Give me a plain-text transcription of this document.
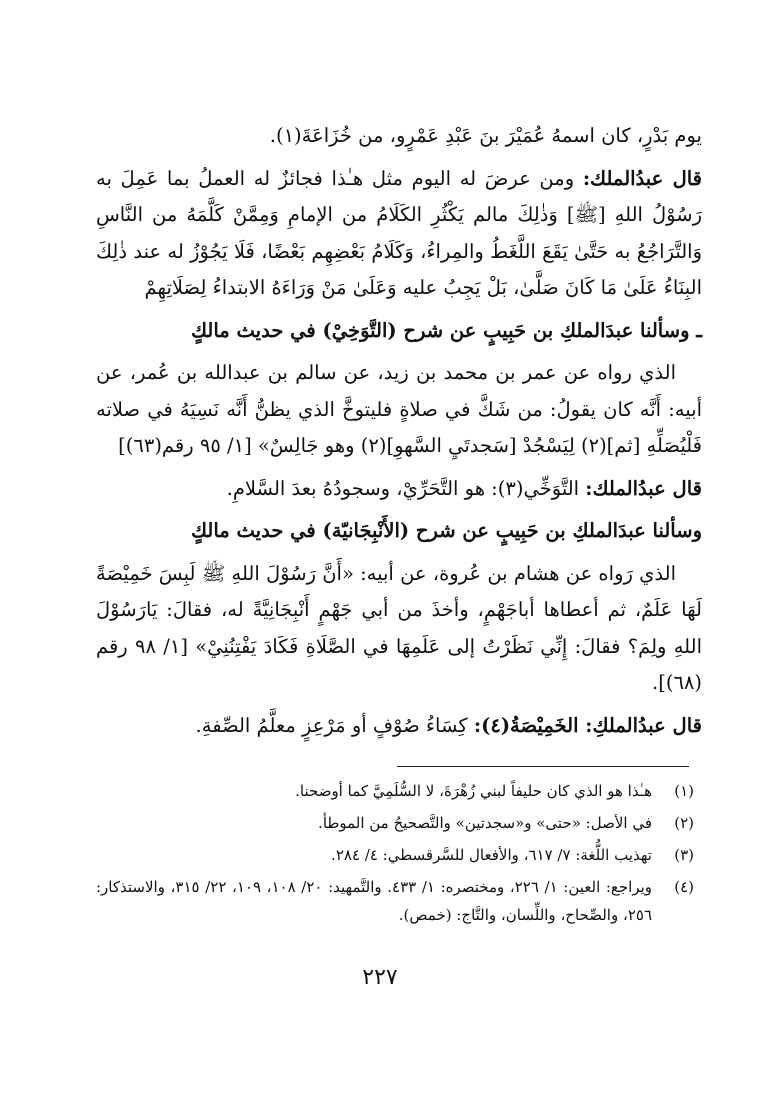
يوم بَدْرٍ، كان اسمهُ عُمَيْرَ بنَ عَبْدِ عَمْرٍو، من خُزَاعَةَ(١).

قال عبدُالملك: ومن عرضَ له اليوم مثل هـٰذا فجائزٌ له العملُ بما عَمِلَ به رَسُوْلُ اللهِ [ﷺ] وَذٰلِكَ مالم يَكْثُرِ الكَلَامُ من الإمامِ وَمِمَّنْ كَلَّمَهُ من النَّاسِ وَالتَّرَاجُعُ به حَتَّىٰ يَقَعَ اللَّغَطُ والمِراءُ، وَكَلَامُ بَعْضِهِم بَعْضًا، فَلَا يَجُوْزُ له عند ذٰلِكَ البِنَاءُ عَلَىٰ مَا كَانَ صَلَّىٰ، بَلْ يَجِبُ عليه وَعَلَىٰ مَنْ وَرَاءَهُ الابتداءُ لِصَلَاتِهِمْ

ـ وسألنا عبدَالملكِ بن حَبِيبٍ عن شرح (التَّوَخِيْ) في حديث مالكٍ

الذي رواه عن عمر بن محمد بن زيد، عن سالم بن عبدالله بن عُمر، عن أبيه: أَنَّه كان يقولُ: من شَكَّ في صلاةٍ فليتوخَّ الذي يظنُّ أَنَّه نَسِيَهُ في صلاته فَلْيُصَلِّهِ [ثم](٢) لِيَسْجُدْ [سَجدتَيِ السَّهوِ](٢) وهو جَالِسٌ» [١/ ٩٥ رقم(٦٣)]

قال عبدُالملك: التَّوَخِّي(٣): هو التَّحَرِّيْ، وسجودُهُ بعدَ السَّلامِ.

وسألنا عبدَالملكِ بن حَبِيبٍ عن شرح (الأَنْبِجَانيّة) في حديث مالكٍ

الذي رَواه عن هشام بن عُروة، عن أبيه: «أَنَّ رَسُوْلَ اللهِ ﷺ لَبِسَ خَمِيْصَةً لَهَا عَلَمٌ، ثم أعطاها أباجَهْمٍ، وأخذَ من أبي جَهْمٍ أَنْبِجَانِيَّةً له، فقالَ: يَارَسُوْلَ اللهِ ولِمَ؟ فقالَ: إِنِّي نَظَرْتُ إلى عَلَمِهَا في الصَّلَاةِ فَكَادَ يَفْتِنُنِيْ» [١/ ٩٨ رقم (٦٨)].

قال عبدُالملكِ: الخَمِيْصَةُ(٤): كِسَاءُ صُوْفٍ أو مَرْعِزٍ معلَّمُ الصِّفةِ.

(١)
هـٰذا هو الذي كان حليفاً لبني زُهْرَةَ، لا السُّلَمِيَّ كما أوضحنا.
(٢)
في الأصل: «حتى» و«سجدتين» والتَّصحيحُ من الموطأ.
(٣)
تهذيب اللُّغة: ٧/ ٦١٧، والأفعال للسَّرقسطي: ٤/ ٢٨٤.
(٤)
ويراجع: العين: ١/ ٢٢٦، ومختصره: ١/ ٤٣٣. والتَّمهيد: ٢٠/ ١٠٨، ١٠٩، ٢٢/ ٣١٥، والاستذكار: ٢٥٦، والصِّحاح، واللِّسان، والتَّاج: (خمص).
٢٢٧
